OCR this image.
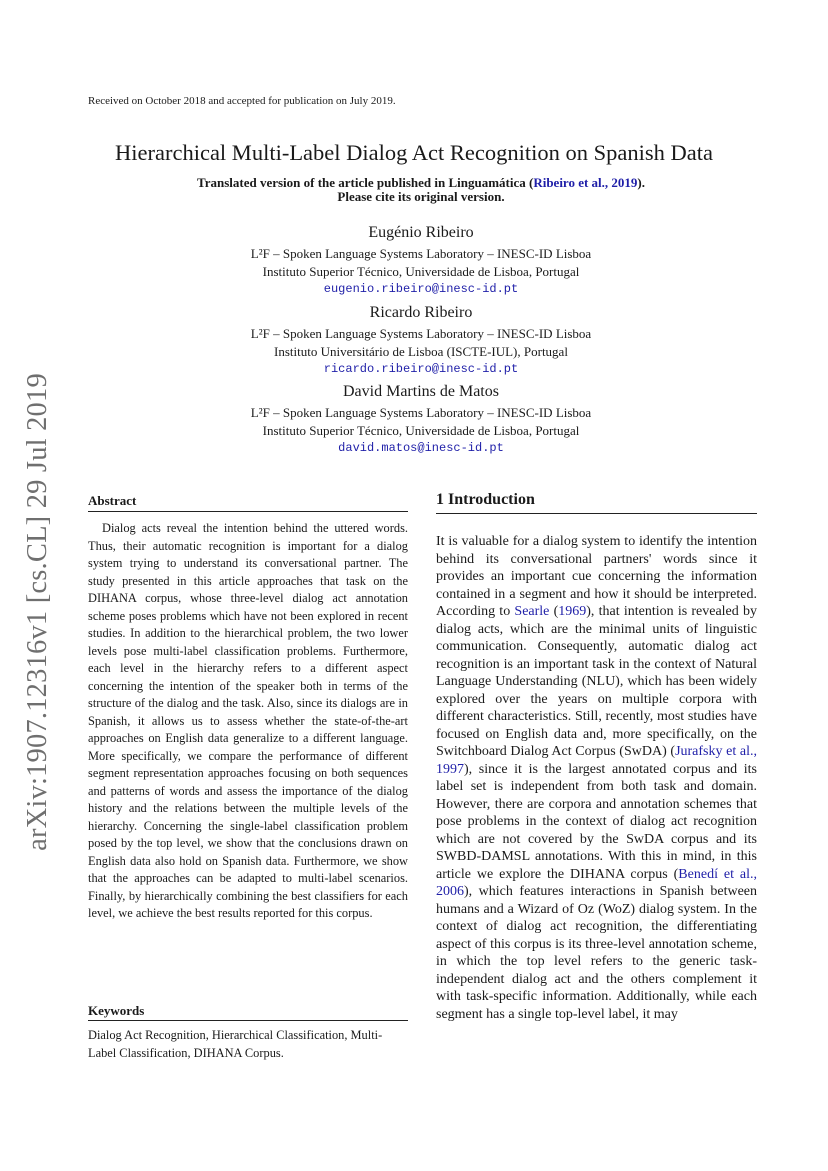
Received on October 2018 and accepted for publication on July 2019.
Hierarchical Multi-Label Dialog Act Recognition on Spanish Data
Translated version of the article published in Linguamática (Ribeiro et al., 2019).
Please cite its original version.
Eugénio Ribeiro
L²F – Spoken Language Systems Laboratory – INESC-ID Lisboa
Instituto Superior Técnico, Universidade de Lisboa, Portugal
eugenio.ribeiro@inesc-id.pt
Ricardo Ribeiro
L²F – Spoken Language Systems Laboratory – INESC-ID Lisboa
Instituto Universitário de Lisboa (ISCTE-IUL), Portugal
ricardo.ribeiro@inesc-id.pt
David Martins de Matos
L²F – Spoken Language Systems Laboratory – INESC-ID Lisboa
Instituto Superior Técnico, Universidade de Lisboa, Portugal
david.matos@inesc-id.pt
arXiv:1907.12316v1 [cs.CL] 29 Jul 2019	Abstract

Dialog acts reveal the intention behind the uttered words. Thus, their automatic recognition is important for a dialog system trying to understand its conversational partner. The study presented in this article approaches that task on the DIHANA corpus, whose three-level dialog act annotation scheme poses problems which have not been explored in recent studies. In addition to the hierarchical problem, the two lower levels pose multi-label classification problems. Furthermore, each level in the hierarchy refers to a different aspect concerning the intention of the speaker both in terms of the structure of the dialog and the task. Also, since its dialogs are in Spanish, it allows us to assess whether the state-of-the-art approaches on English data generalize to a different language. More specifically, we compare the performance of different segment representation approaches focusing on both sequences and patterns of words and assess the importance of the dialog history and the relations between the multiple levels of the hierarchy. Concerning the single-label classification problem posed by the top level, we show that the conclusions drawn on English data also hold on Spanish data. Furthermore, we show that the approaches can be adapted to multi-label scenarios. Finally, by hierarchically combining the best classifiers for each level, we achieve the best results reported for this corpus.

Keywords
Dialog Act Recognition, Hierarchical Classification, Multi-Label Classification, DIHANA Corpus.
1 Introduction

It is valuable for a dialog system to identify the intention behind its conversational partners' words since it provides an important cue concerning the information contained in a segment and how it should be interpreted. According to Searle (1969), that intention is revealed by dialog acts, which are the minimal units of linguistic communication. Consequently, automatic dialog act recognition is an important task in the context of Natural Language Understanding (NLU), which has been widely explored over the years on multiple corpora with different characteristics. Still, recently, most studies have focused on English data and, more specifically, on the Switchboard Dialog Act Corpus (SwDA) (Jurafsky et al., 1997), since it is the largest annotated corpus and its label set is independent from both task and domain. However, there are corpora and annotation schemes that pose problems in the context of dialog act recognition which are not covered by the SwDA corpus and its SWBD-DAMSL annotations. With this in mind, in this article we explore the DIHANA corpus (Benedí et al., 2006), which features interactions in Spanish between humans and a Wizard of Oz (WoZ) dialog system. In the context of dialog act recognition, the differentiating aspect of this corpus is its three-level annotation scheme, in which the top level refers to the generic task-independent dialog act and the others complement it with task-specific information. Additionally, while each segment has a single top-level label, it may
